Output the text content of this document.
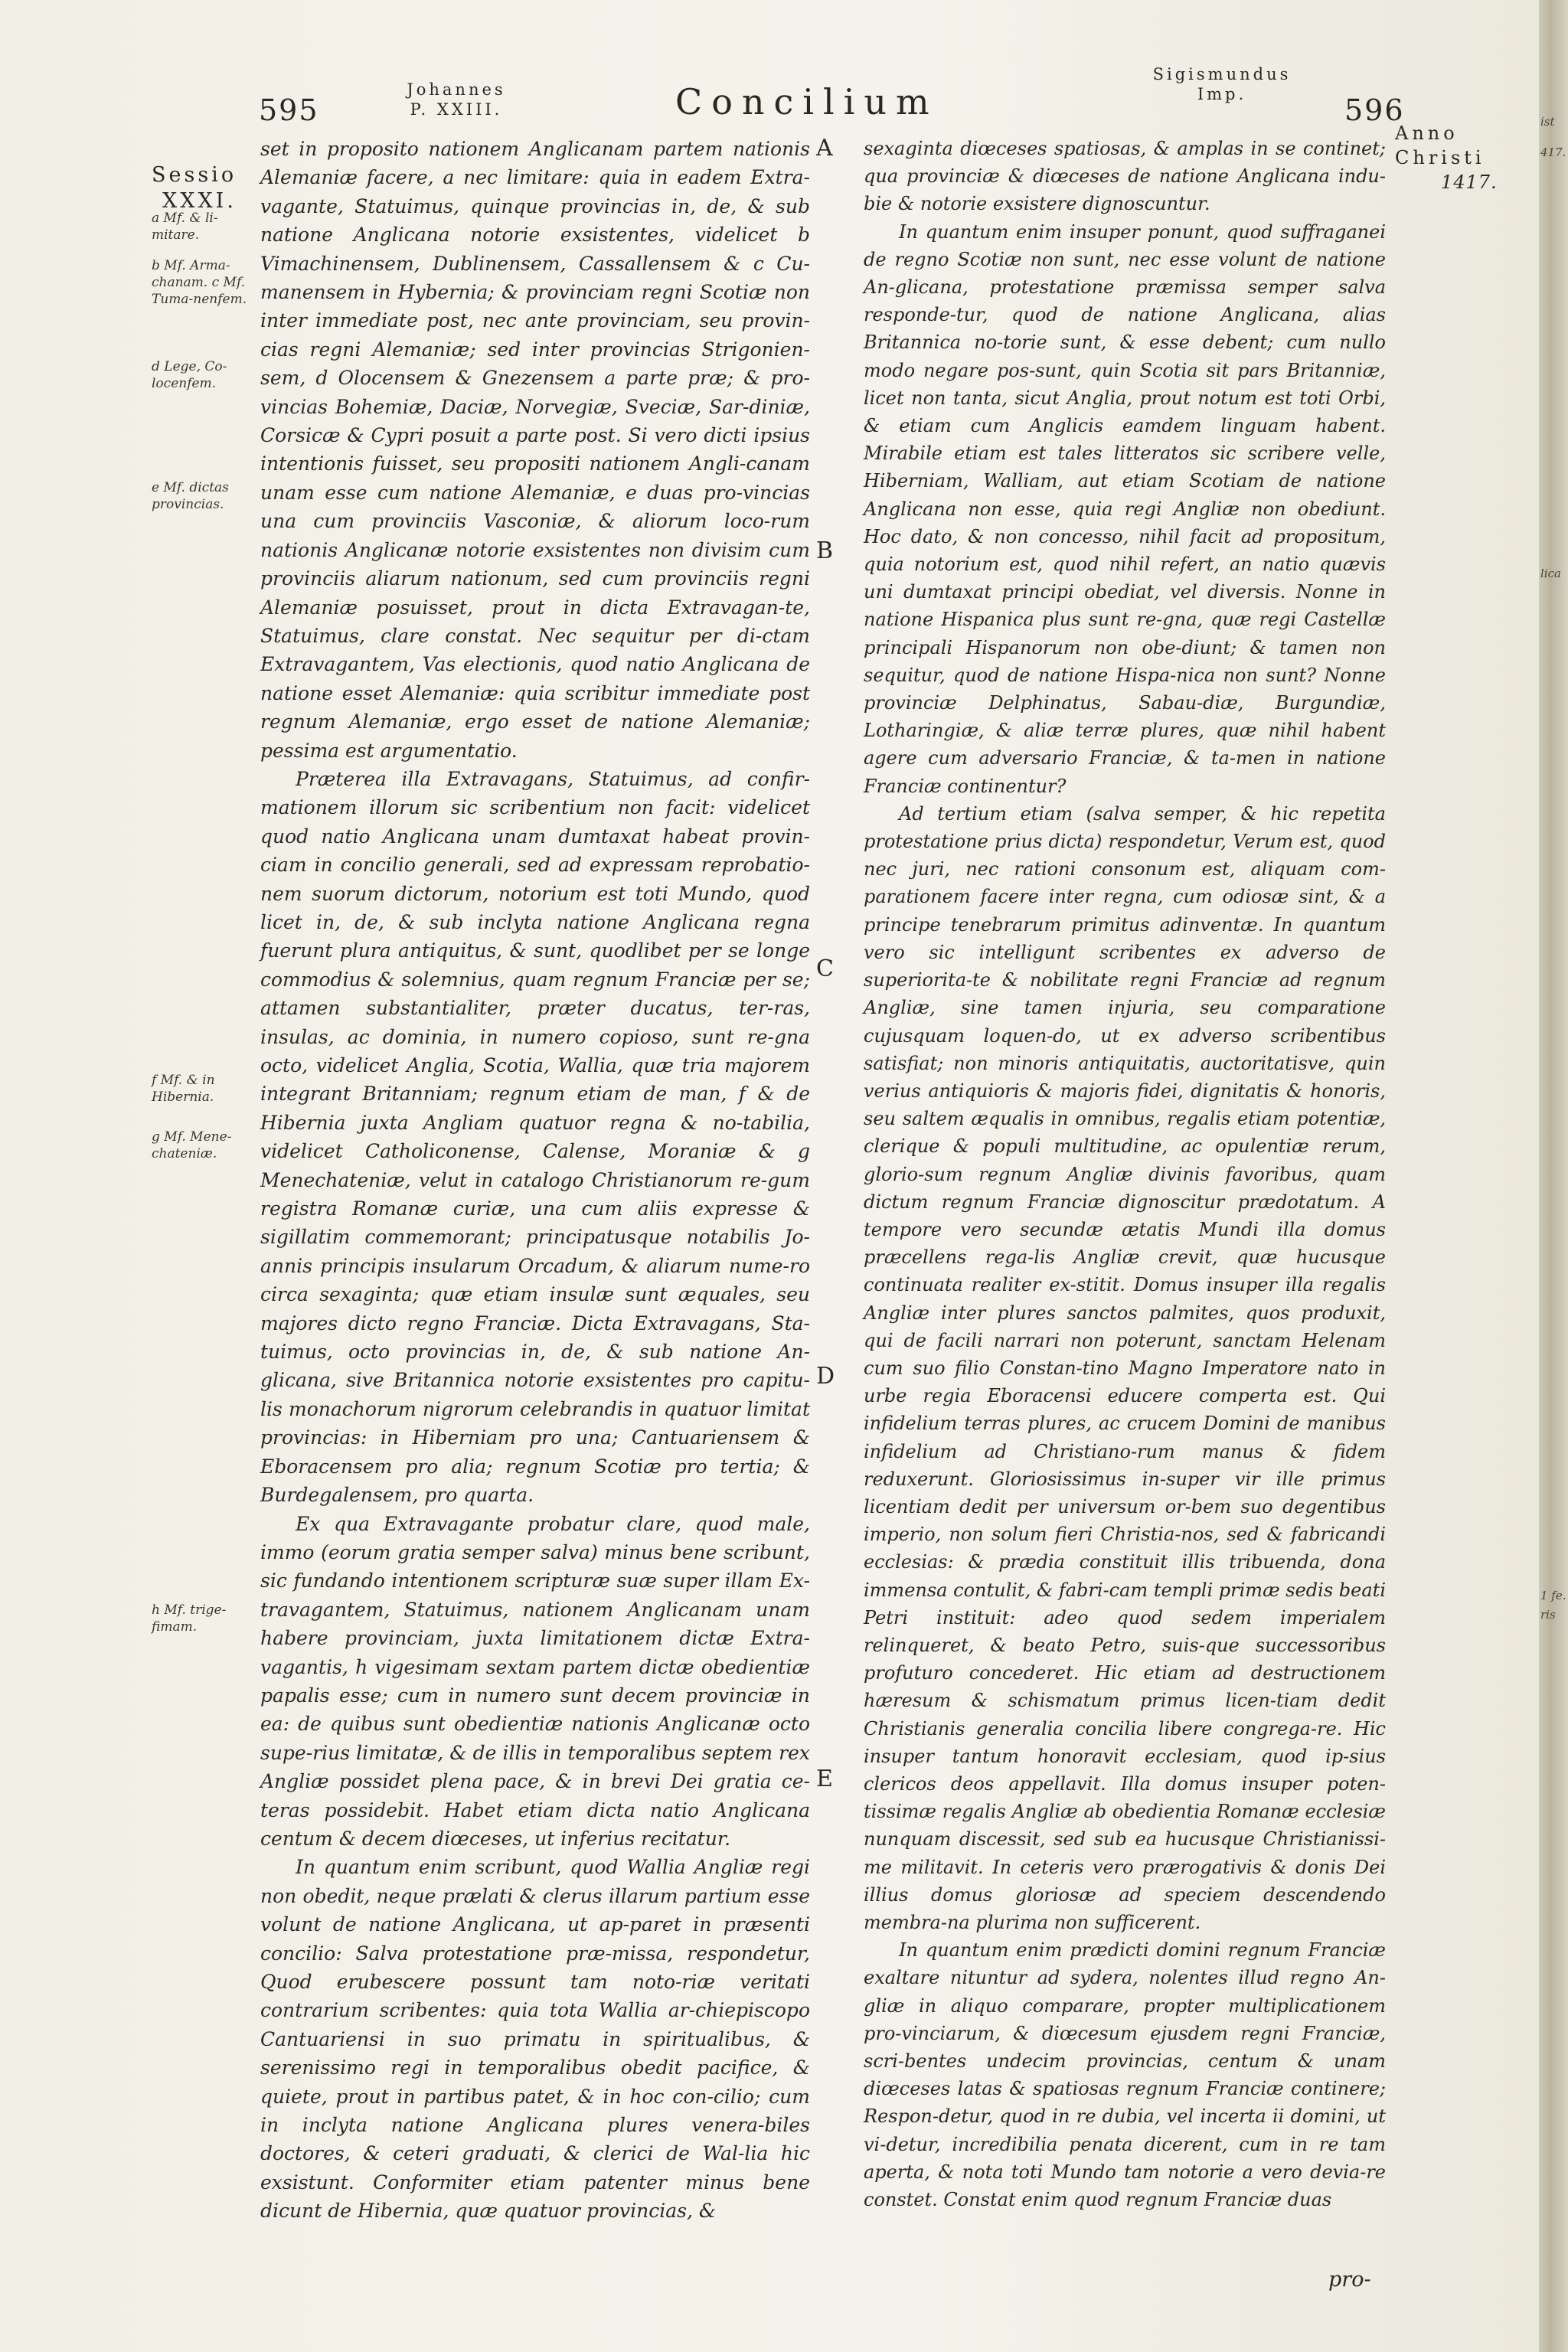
595
Johannes
P. XXIII.	Concilium
Sigismundus
Imp.	596
Anno
Christi
1417.
Sessio
XXXI.
a Mf. & li-mitare.
b Mf. Arma-chanam. c Mf. Tuma-nenfem.
d Lege, Co-locenfem.
e Mf. dictas provincias.
f Mf. & in Hibernia.
g Mf. Mene-chateniæ.
h Mf. trige-fimam.
A
B
C
D
E

set in proposito nationem Anglicanam partem nationis Alemaniæ facere, a nec limitare: quia in eadem Extra-vagante, Statuimus, quinque provincias in, de, & sub natione Anglicana notorie exsistentes, videlicet b Vimachinensem, Dublinensem, Cassallensem & c Cu-manensem in Hybernia; & provinciam regni Scotiæ non inter immediate post, nec ante provinciam, seu provin-cias regni Alemaniæ; sed inter provincias Strigonien-sem, d Olocensem & Gnezensem a parte præ; & pro-vincias Bohemiæ, Daciæ, Norvegiæ, Sveciæ, Sar-diniæ, Corsicæ & Cypri posuit a parte post. Si vero dicti ipsius intentionis fuisset, seu propositi nationem Angli-canam unam esse cum natione Alemaniæ, e duas pro-vincias una cum provinciis Vasconiæ, & aliorum loco-rum nationis Anglicanæ notorie exsistentes non divisim cum provinciis aliarum nationum, sed cum provinciis regni Alemaniæ posuisset, prout in dicta Extravagan-te, Statuimus, clare constat. Nec sequitur per di-ctam Extravagantem, Vas electionis, quod natio Anglicana de natione esset Alemaniæ: quia scribitur immediate post regnum Alemaniæ, ergo esset de natione Alemaniæ; pessima est argumentatio.

Præterea illa Extravagans, Statuimus, ad confir-mationem illorum sic scribentium non facit: videlicet quod natio Anglicana unam dumtaxat habeat provin-ciam in concilio generali, sed ad expressam reprobatio-nem suorum dictorum, notorium est toti Mundo, quod licet in, de, & sub inclyta natione Anglicana regna fuerunt plura antiquitus, & sunt, quodlibet per se longe commodius & solemnius, quam regnum Franciæ per se; attamen substantialiter, præter ducatus, ter-ras, insulas, ac dominia, in numero copioso, sunt re-gna octo, videlicet Anglia, Scotia, Wallia, quæ tria majorem integrant Britanniam; regnum etiam de man, f & de Hibernia juxta Angliam quatuor regna & no-tabilia, videlicet Catholiconense, Calense, Moraniæ & g Menechateniæ, velut in catalogo Christianorum re-gum registra Romanæ curiæ, una cum aliis expresse & sigillatim commemorant; principatusque notabilis Jo-annis principis insularum Orcadum, & aliarum nume-ro circa sexaginta; quæ etiam insulæ sunt æquales, seu majores dicto regno Franciæ. Dicta Extravagans, Sta-tuimus, octo provincias in, de, & sub natione An-glicana, sive Britannica notorie exsistentes pro capitu-lis monachorum nigrorum celebrandis in quatuor limitat provincias: in Hiberniam pro una; Cantuariensem & Eboracensem pro alia; regnum Scotiæ pro tertia; & Burdegalensem, pro quarta.

Ex qua Extravagante probatur clare, quod male, immo (eorum gratia semper salva) minus bene scribunt, sic fundando intentionem scripturæ suæ super illam Ex-travagantem, Statuimus, nationem Anglicanam unam habere provinciam, juxta limitationem dictæ Extra-vagantis, h vigesimam sextam partem dictæ obedientiæ papalis esse; cum in numero sunt decem provinciæ in ea: de quibus sunt obedientiæ nationis Anglicanæ octo supe-rius limitatæ, & de illis in temporalibus septem rex Angliæ possidet plena pace, & in brevi Dei gratia ce-teras possidebit. Habet etiam dicta natio Anglicana centum & decem diœceses, ut inferius recitatur.

In quantum enim scribunt, quod Wallia Angliæ regi non obedit, neque prælati & clerus illarum partium esse volunt de natione Anglicana, ut ap-paret in præsenti concilio: Salva protestatione præ-missa, respondetur, Quod erubescere possunt tam noto-riæ veritati contrarium scribentes: quia tota Wallia ar-chiepiscopo Cantuariensi in suo primatu in spiritualibus, & serenissimo regi in temporalibus obedit pacifice, & quiete, prout in partibus patet, & in hoc con-cilio; cum in inclyta natione Anglicana plures venera-biles doctores, & ceteri graduati, & clerici de Wal-lia hic exsistunt. Conformiter etiam patenter minus bene dicunt de Hibernia, quæ quatuor provincias, &

sexaginta diœceses spatiosas, & amplas in se continet; qua provinciæ & diœceses de natione Anglicana indu-bie & notorie exsistere dignoscuntur.

In quantum enim insuper ponunt, quod suffraganei de regno Scotiæ non sunt, nec esse volunt de natione An-glicana, protestatione præmissa semper salva responde-tur, quod de natione Anglicana, alias Britannica no-torie sunt, & esse debent; cum nullo modo negare pos-sunt, quin Scotia sit pars Britanniæ, licet non tanta, sicut Anglia, prout notum est toti Orbi, & etiam cum Anglicis eamdem linguam habent. Mirabile etiam est tales litteratos sic scribere velle, Hiberniam, Walliam, aut etiam Scotiam de natione Anglicana non esse, quia regi Angliæ non obediunt. Hoc dato, & non concesso, nihil facit ad propositum, quia notorium est, quod nihil refert, an natio quævis uni dumtaxat principi obediat, vel diversis. Nonne in natione Hispanica plus sunt re-gna, quæ regi Castellæ principali Hispanorum non obe-diunt; & tamen non sequitur, quod de natione Hispa-nica non sunt? Nonne provinciæ Delphinatus, Sabau-diæ, Burgundiæ, Lotharingiæ, & aliæ terræ plures, quæ nihil habent agere cum adversario Franciæ, & ta-men in natione Franciæ continentur?

Ad tertium etiam (salva semper, & hic repetita protestatione prius dicta) respondetur, Verum est, quod nec juri, nec rationi consonum est, aliquam com-parationem facere inter regna, cum odiosæ sint, & a principe tenebrarum primitus adinventæ. In quantum vero sic intelligunt scribentes ex adverso de superiorita-te & nobilitate regni Franciæ ad regnum Angliæ, sine tamen injuria, seu comparatione cujusquam loquen-do, ut ex adverso scribentibus satisfiat; non minoris antiquitatis, auctoritatisve, quin verius antiquioris & majoris fidei, dignitatis & honoris, seu saltem æqualis in omnibus, regalis etiam potentiæ, clerique & populi multitudine, ac opulentiæ rerum, glorio-sum regnum Angliæ divinis favoribus, quam dictum regnum Franciæ dignoscitur prædotatum. A tempore vero secundæ ætatis Mundi illa domus præcellens rega-lis Angliæ crevit, quæ hucusque continuata realiter ex-stitit. Domus insuper illa regalis Angliæ inter plures sanctos palmites, quos produxit, qui de facili narrari non poterunt, sanctam Helenam cum suo filio Constan-tino Magno Imperatore nato in urbe regia Eboracensi educere comperta est. Qui infidelium terras plures, ac crucem Domini de manibus infidelium ad Christiano-rum manus & fidem reduxerunt. Gloriosissimus in-super vir ille primus licentiam dedit per universum or-bem suo degentibus imperio, non solum fieri Christia-nos, sed & fabricandi ecclesias: & prædia constituit illis tribuenda, dona immensa contulit, & fabri-cam templi primæ sedis beati Petri instituit: adeo quod sedem imperialem relinqueret, & beato Petro, suis-que successoribus profuturo concederet. Hic etiam ad destructionem hæresum & schismatum primus licen-tiam dedit Christianis generalia concilia libere congrega-re. Hic insuper tantum honoravit ecclesiam, quod ip-sius clericos deos appellavit. Illa domus insuper poten-tissimæ regalis Angliæ ab obedientia Romanæ ecclesiæ nunquam discessit, sed sub ea hucusque Christianissi-me militavit. In ceteris vero prærogativis & donis Dei illius domus gloriosæ ad speciem descendendo membra-na plurima non sufficerent.

In quantum enim prædicti domini regnum Franciæ exaltare nituntur ad sydera, nolentes illud regno An-gliæ in aliquo comparare, propter multiplicationem pro-vinciarum, & diœcesum ejusdem regni Franciæ, scri-bentes undecim provincias, centum & unam diœceses latas & spatiosas regnum Franciæ continere; Respon-detur, quod in re dubia, vel incerta ii domini, ut vi-detur, incredibilia penata dicerent, cum in re tam aperta, & nota toti Mundo tam notorie a vero devia-re constet. Constat enim quod regnum Franciæ duas

pro-
ist
417.
lica
1 fe.
ris
